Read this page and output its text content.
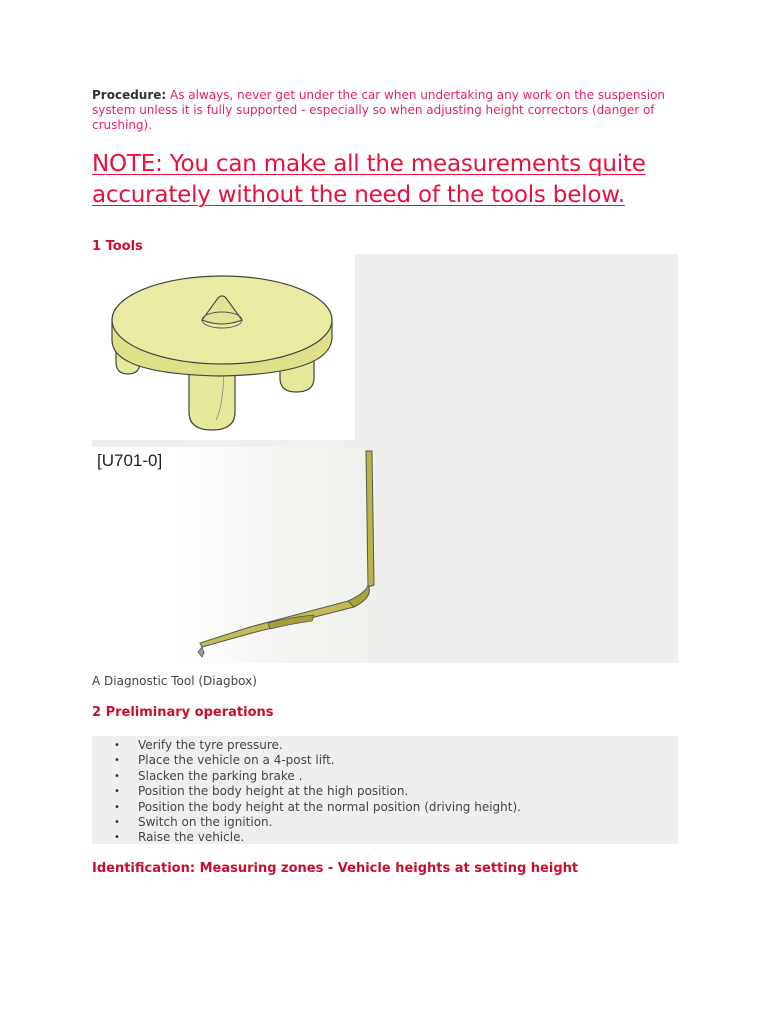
Procedure: As always, never get under the car when undertaking any work on the suspension system unless it is fully supported - especially so when adjusting height correctors (danger of crushing).

NOTE: You can make all the measurements quite accurately without the need of the tools below.
1 Tools
[U701-0]
A Diagnostic Tool (Diagbox)
2 Preliminary operations
• Verify the tyre pressure.
• Place the vehicle on a 4-post lift.
• Slacken the parking brake .
• Position the body height at the high position.
• Position the body height at the normal position (driving height).
• Switch on the ignition.
• Raise the vehicle.
Identification: Measuring zones - Vehicle heights at setting height
